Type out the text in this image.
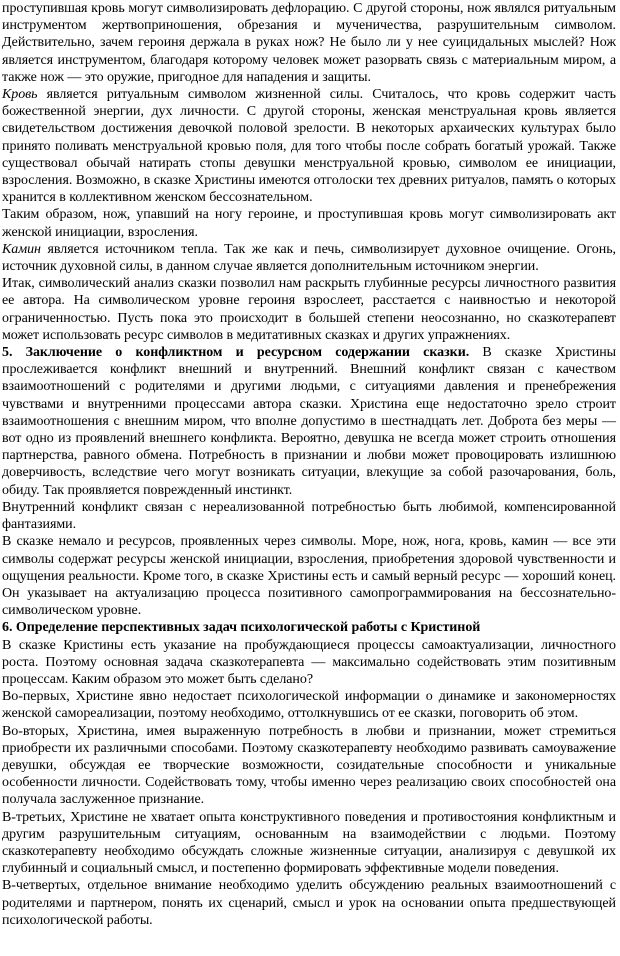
проступившая кровь могут символизировать дефлорацию. С другой стороны, нож являлся ритуальным инструментом жертвоприношения, обрезания и мученичества, разрушительным символом. Действительно, зачем героиня держала в руках нож? Не было ли у нее суицидальных мыслей? Нож является инструментом, благодаря которому человек может разорвать связь с материальным миром, а также нож — это оружие, пригодное для нападения и защиты.

Кровь является ритуальным символом жизненной силы. Считалось, что кровь содержит часть божественной энергии, дух личности. С другой стороны, женская менструальная кровь является свидетельством достижения девочкой половой зрелости. В некоторых архаических культурах было принято поливать менструальной кровью поля, для того чтобы после собрать богатый урожай. Также существовал обычай натирать стопы девушки менструальной кровью, символом ее инициации, взросления. Возможно, в сказке Христины имеются отголоски тех древних ритуалов, память о которых хранится в коллективном женском бессознательном.

Таким образом, нож, упавший на ногу героине, и проступившая кровь могут символизировать акт женской инициации, взросления.

Камин является источником тепла. Так же как и печь, символизирует духовное очищение. Огонь, источник духовной силы, в данном случае является дополнительным источником энергии.

Итак, символический анализ сказки позволил нам раскрыть глубинные ресурсы личностного развития ее автора. На символическом уровне героиня взрослеет, расстается с наивностью и некоторой ограниченностью. Пусть пока это происходит в большей степени неосознанно, но сказкотерапевт может использовать ресурс символов в медитативных сказках и других упражнениях.

5. Заключение о конфликтном и ресурсном содержании сказки. В сказке Христины прослеживается конфликт внешний и внутренний. Внешний конфликт связан с качеством взаимоотношений с родителями и другими людьми, с ситуациями давления и пренебрежения чувствами и внутренними процессами автора сказки. Христина еще недостаточно зрело строит взаимоотношения с внешним миром, что вполне допустимо в шестнадцать лет. Доброта без меры — вот одно из проявлений внешнего конфликта. Вероятно, девушка не всегда может строить отношения партнерства, равного обмена. Потребность в признании и любви может провоцировать излишнюю доверчивость, вследствие чего могут возникать ситуации, влекущие за собой разочарования, боль, обиду. Так проявляется поврежденный инстинкт.

Внутренний конфликт связан с нереализованной потребностью быть любимой, компенсированной фантазиями.

В сказке немало и ресурсов, проявленных через символы. Море, нож, нога, кровь, камин — все эти символы содержат ресурсы женской инициации, взросления, приобретения здоровой чувственности и ощущения реальности. Кроме того, в сказке Христины есть и самый верный ресурс — хороший конец. Он указывает на актуализацию процесса позитивного самопрограммирования на бессознательно-символическом уровне.

6. Определение перспективных задач психологической работы с Кристиной

В сказке Кристины есть указание на пробуждающиеся процессы самоактуализации, личностного роста. Поэтому основная задача сказкотерапевта — максимально содействовать этим позитивным процессам. Каким образом это может быть сделано?

Во-первых, Христине явно недостает психологической информации о динамике и закономерностях женской самореализации, поэтому необходимо, оттолкнувшись от ее сказки, поговорить об этом.

Во-вторых, Христина, имея выраженную потребность в любви и признании, может стремиться приобрести их различными способами. Поэтому сказкотерапевту необходимо развивать самоуважение девушки, обсуждая ее творческие возможности, созидательные способности и уникальные особенности личности. Содействовать тому, чтобы именно через реализацию своих способностей она получала заслуженное признание.

В-третьих, Христине не хватает опыта конструктивного поведения и противостояния конфликтным и другим разрушительным ситуациям, основанным на взаимодействии с людьми. Поэтому сказкотерапевту необходимо обсуждать сложные жизненные ситуации, анализируя с девушкой их глубинный и социальный смысл, и постепенно формировать эффективные модели поведения.

В-четвертых, отдельное внимание необходимо уделить обсуждению реальных взаимоотношений с родителями и партнером, понять их сценарий, смысл и урок на основании опыта предшествующей психологической работы.
